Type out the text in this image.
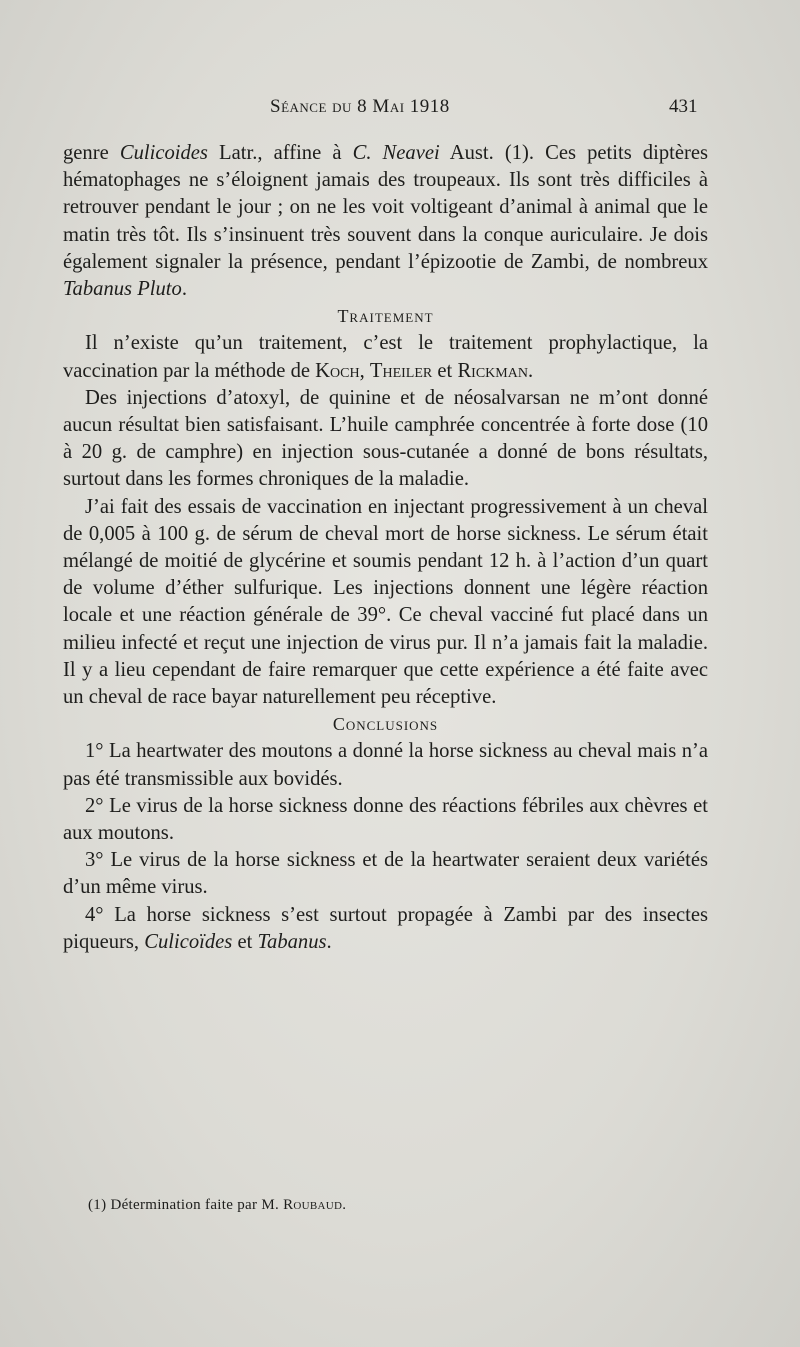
Séance du 8 Mai 1918	431

genre Culicoides Latr., affine à C. Neavei Aust. (1). Ces petits diptères hématophages ne s’éloignent jamais des troupeaux. Ils sont très difficiles à retrouver pendant le jour ; on ne les voit voltigeant d’animal à animal que le matin très tôt. Ils s’insinuent très souvent dans la conque auriculaire. Je dois également signaler la présence, pendant l’épizootie de Zambi, de nombreux Tabanus Pluto.

Traitement

Il n’existe qu’un traitement, c’est le traitement prophylactique, la vaccination par la méthode de Koch, Theiler et Rickman.

Des injections d’atoxyl, de quinine et de néosalvarsan ne m’ont donné aucun résultat bien satisfaisant. L’huile camphrée concentrée à forte dose (10 à 20 g. de camphre) en injection sous-cutanée a donné de bons résultats, surtout dans les formes chroniques de la maladie.

J’ai fait des essais de vaccination en injectant progressivement à un cheval de 0,005 à 100 g. de sérum de cheval mort de horse sickness. Le sérum était mélangé de moitié de glycérine et soumis pendant 12 h. à l’action d’un quart de volume d’éther sulfurique. Les injections donnent une légère réaction locale et une réaction générale de 39°. Ce cheval vacciné fut placé dans un milieu infecté et reçut une injection de virus pur. Il n’a jamais fait la maladie. Il y a lieu cependant de faire remarquer que cette expérience a été faite avec un cheval de race bayar naturellement peu réceptive.

Conclusions

1° La heartwater des moutons a donné la horse sickness au cheval mais n’a pas été transmissible aux bovidés.

2° Le virus de la horse sickness donne des réactions fébriles aux chèvres et aux moutons.

3° Le virus de la horse sickness et de la heartwater seraient deux variétés d’un même virus.

4° La horse sickness s’est surtout propagée à Zambi par des insectes piqueurs, Culicoïdes et Tabanus.

(1) Détermination faite par M. Roubaud.
